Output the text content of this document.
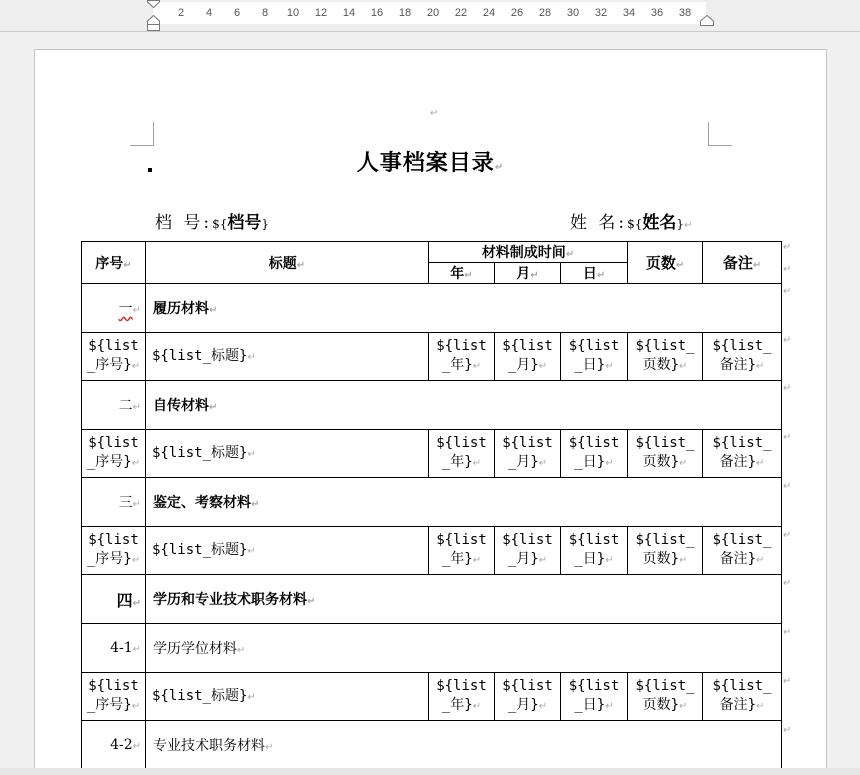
2 4 6 8 10 12 14 16 18 20 22 24 26 28 30 32 34 36 38
↵
人事档案目录↵
档 号:${档号}	姓 名:${姓名}↵
序号↵	标题↵	材料制成时间↵			页数↵	备注↵
		年↵	月↵	日↵		
一↵	履历材料↵					
${list
_序号}↵	${list_标题}↵	${list
_年}↵	${list
_月}↵	${list
_日}↵	${list_
页数}↵	${list_
备注}↵
二↵	自传材料↵					
${list
_序号}↵	${list_标题}↵	${list
_年}↵	${list
_月}↵	${list
_日}↵	${list_
页数}↵	${list_
备注}↵
三↵	鉴定、考察材料↵					
${list
_序号}↵	${list_标题}↵	${list
_年}↵	${list
_月}↵	${list
_日}↵	${list_
页数}↵	${list_
备注}↵
四↵	学历和专业技术职务材料↵					
4-1↵	学历学位材料↵					
${list
_序号}↵	${list_标题}↵	${list
_年}↵	${list
_月}↵	${list
_日}↵	${list_
页数}↵	${list_
备注}↵
4-2↵	专业技术职务材料↵					
↵
↵
↵
↵
↵
↵
↵
↵
↵
↵
↵
↵
